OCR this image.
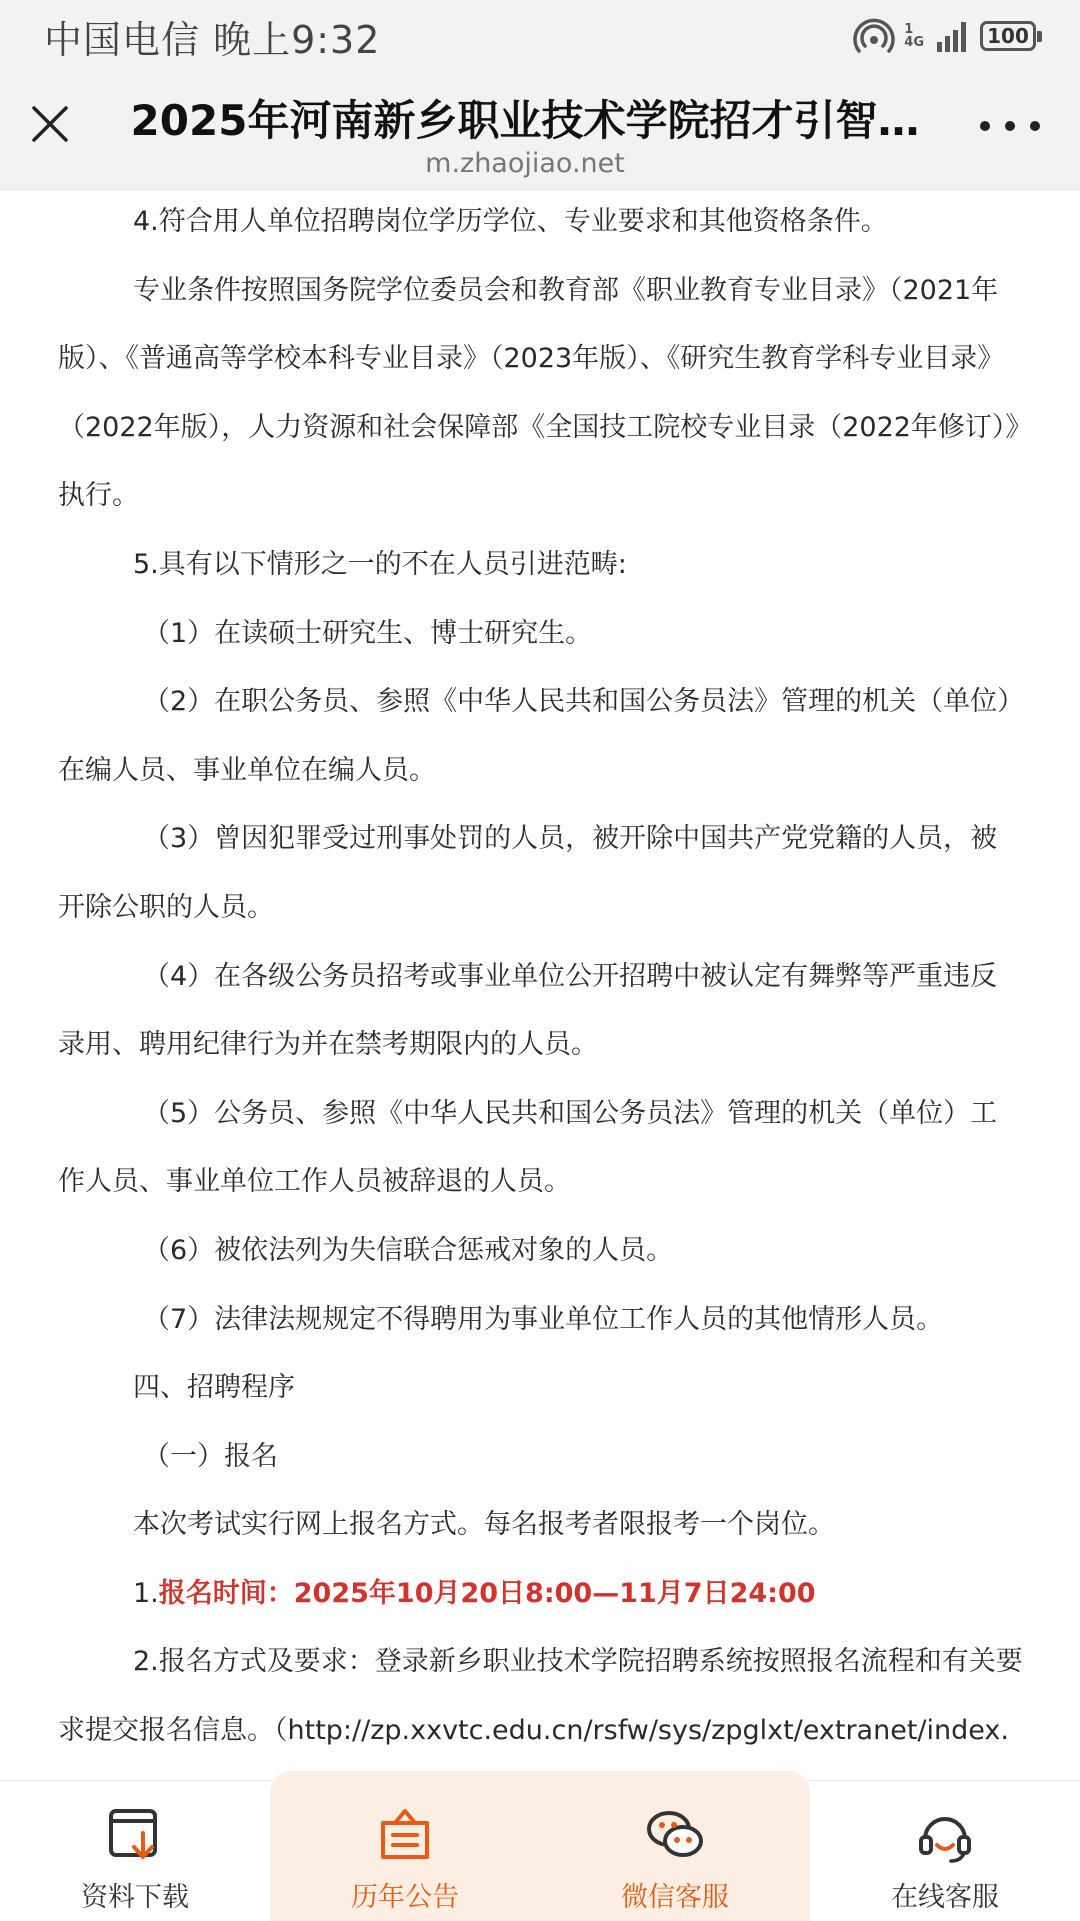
中国电信 晚上9:32	1
4G	100
2025年河南新乡职业技术学院招才引智…
m.zhaojiao.net

4.符合用人单位招聘岗位学历学位、专业要求和其他资格条件。

专业条件按照国务院学位委员会和教育部《职业教育专业目录》（2021年版）、《普通高等学校本科专业目录》（2023年版）、《研究生教育学科专业目录》（2022年版），人力资源和社会保障部《全国技工院校专业目录（2022年修订）》执行。

5.具有以下情形之一的不在人员引进范畴:

（1）在读硕士研究生、博士研究生。

（2）在职公务员、参照《中华人民共和国公务员法》管理的机关（单位）在编人员、事业单位在编人员。

（3）曾因犯罪受过刑事处罚的人员，被开除中国共产党党籍的人员，被开除公职的人员。

（4）在各级公务员招考或事业单位公开招聘中被认定有舞弊等严重违反录用、聘用纪律行为并在禁考期限内的人员。

（5）公务员、参照《中华人民共和国公务员法》管理的机关（单位）工作人员、事业单位工作人员被辞退的人员。

（6）被依法列为失信联合惩戒对象的人员。

（7）法律法规规定不得聘用为事业单位工作人员的其他情形人员。

四、招聘程序

（一）报名

本次考试实行网上报名方式。每名报考者限报考一个岗位。

1.报名时间：2025年10月20日8:00—11月7日24:00

2.报名方式及要求：登录新乡职业技术学院招聘系统按照报名流程和有关要求提交报名信息。（http://zp.xxvtc.edu.cn/rsfw/sys/zpglxt/extranet/index.

资料下载	历年公告	微信客服	在线客服
